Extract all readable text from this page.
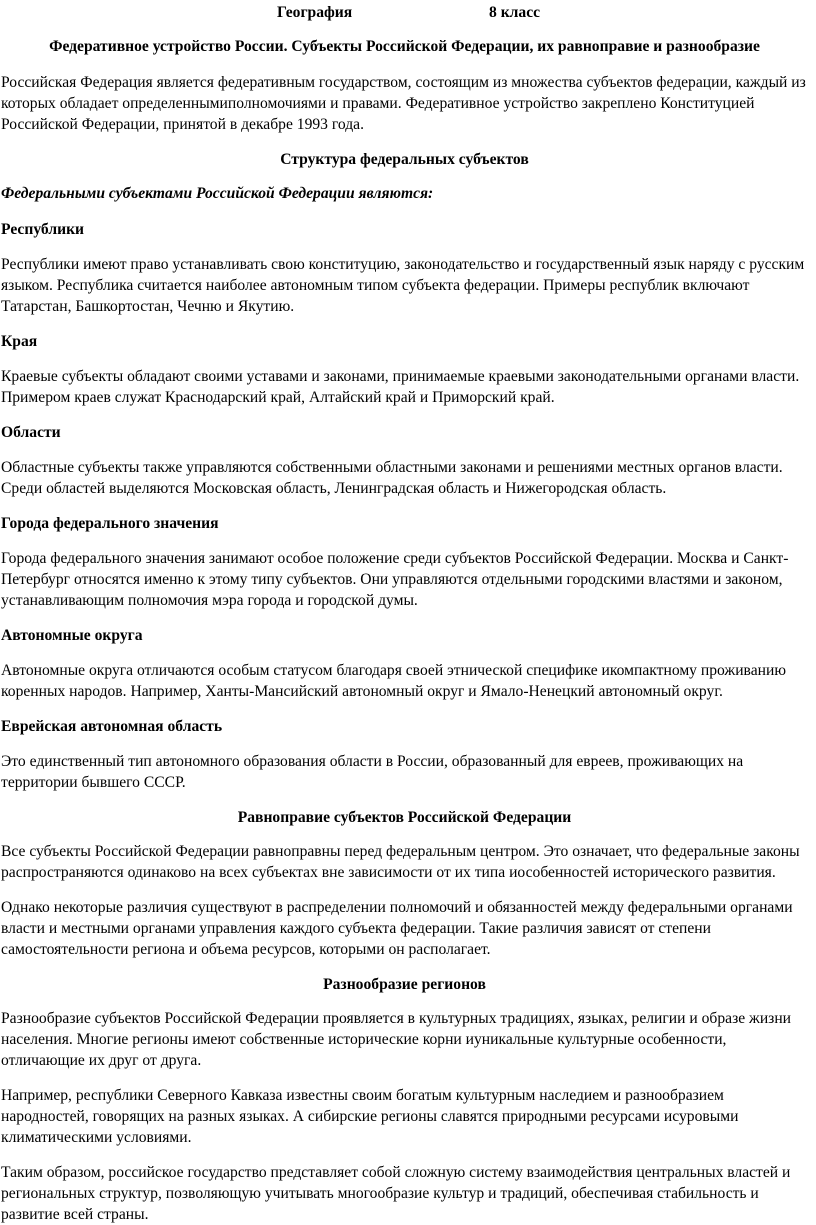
География	8 класс
Федеративное устройство России. Субъекты Российской Федерации, их равноправие и разнообразие

Российская Федерация является федеративным государством, состоящим из множества субъектов федерации, каждый из которых обладает определеннымиполномочиями и правами. Федеративное устройство закреплено Конституцией Российской Федерации, принятой в декабре 1993 года.

Структура федеральных субъектов

Федеральными субъектами Российской Федерации являются:

Республики

Республики имеют право устанавливать свою конституцию, законодательство и государственный язык наряду с русским языком. Республика считается наиболее автономным типом субъекта федерации. Примеры республик включают Татарстан, Башкортостан, Чечню и Якутию.

Края

Краевые субъекты обладают своими уставами и законами, принимаемые краевыми законодательными органами власти. Примером краев служат Краснодарский край, Алтайский край и Приморский край.

Области

Областные субъекты также управляются собственными областными законами и решениями местных органов власти. Среди областей выделяются Московская область, Ленинградская область и Нижегородская область.

Города федерального значения

Города федерального значения занимают особое положение среди субъектов Российской Федерации. Москва и Санкт-Петербург относятся именно к этому типу субъектов. Они управляются отдельными городскими властями и законом, устанавливающим полномочия мэра города и городской думы.

Автономные округа

Автономные округа отличаются особым статусом благодаря своей этнической специфике икомпактному проживанию коренных народов. Например, Ханты-Мансийский автономный округ и Ямало-Ненецкий автономный округ.

Еврейская автономная область

Это единственный тип автономного образования области в России, образованный для евреев, проживающих на территории бывшего СССР.

Равноправие субъектов Российской Федерации

Все субъекты Российской Федерации равноправны перед федеральным центром. Это означает, что федеральные законы распространяются одинаково на всех субъектах вне зависимости от их типа иособенностей исторического развития.

Однако некоторые различия существуют в распределении полномочий и обязанностей между федеральными органами власти и местными органами управления каждого субъекта федерации. Такие различия зависят от степени самостоятельности региона и объема ресурсов, которыми он располагает.

Разнообразие регионов

Разнообразие субъектов Российской Федерации проявляется в культурных традициях, языках, религии и образе жизни населения. Многие регионы имеют собственные исторические корни иуникальные культурные особенности, отличающие их друг от друга.

Например, республики Северного Кавказа известны своим богатым культурным наследием и разнообразием народностей, говорящих на разных языках. А сибирские регионы славятся природными ресурсами исуровыми климатическими условиями.

Таким образом, российское государство представляет собой сложную систему взаимодействия центральных властей и региональных структур, позволяющую учитывать многообразие культур и традиций, обеспечивая стабильность и развитие всей страны.
